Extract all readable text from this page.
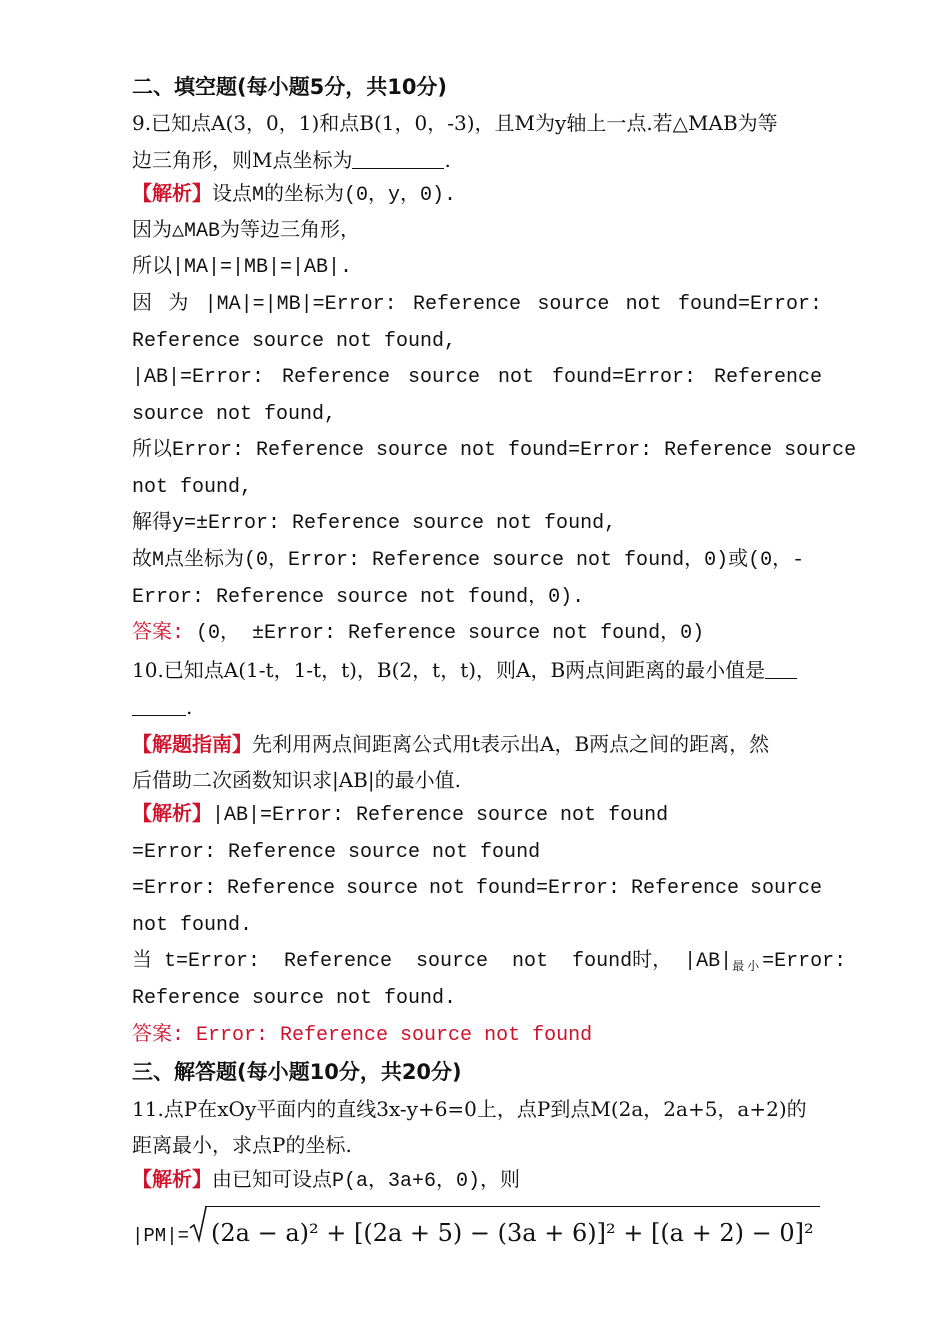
二、填空题(每小题5分，共10分)
9.已知点A(3，0，1)和点B(1，0，-3)，且M为y轴上一点.若△MAB为等
边三角形，则M点坐标为	.
【解析】设点M的坐标为(0，y，0).
因为△MAB为等边三角形，
所以|MA|=|MB|=|AB|.
因 为 |MA|=|MB|=Error: Reference source not found=Error:
Reference source not found,
|AB|=Error: Reference source not found=Error: Reference
source not found,
所以Error: Reference source not found=Error: Reference source
not found,
解得y=±Error: Reference source not found,
故M点坐标为(0，Error: Reference source not found，0)或(0，-
Error: Reference source not found，0).
答案: (0， ±Error: Reference source not found，0)
10.已知点A(1-t，1-t，t)，B(2，t，t)，则A，B两点间距离的最小值是
.
【解题指南】先利用两点间距离公式用t表示出A，B两点之间的距离，然
后借助二次函数知识求|AB|的最小值.
【解析】|AB|=Error: Reference source not found
=Error: Reference source not found
=Error: Reference source not found=Error: Reference source
not found.
当 t=Error:  Reference  source  not  found时， $|AB|_{最小}=Error$:
Reference source not found.
答案: Error: Reference source not found
三、解答题(每小题10分，共20分)
11.点P在xOy平面内的直线3x-y+6=0上，点P到点M(2a，2a+5，a+2)的
距离最小，求点P的坐标.
【解析】由已知可设点P(a，3a+6，0)，则
|PM|= (2a − a)² + [(2a + 5) − (3a + 6)]² + [(a + 2) − 0]²
